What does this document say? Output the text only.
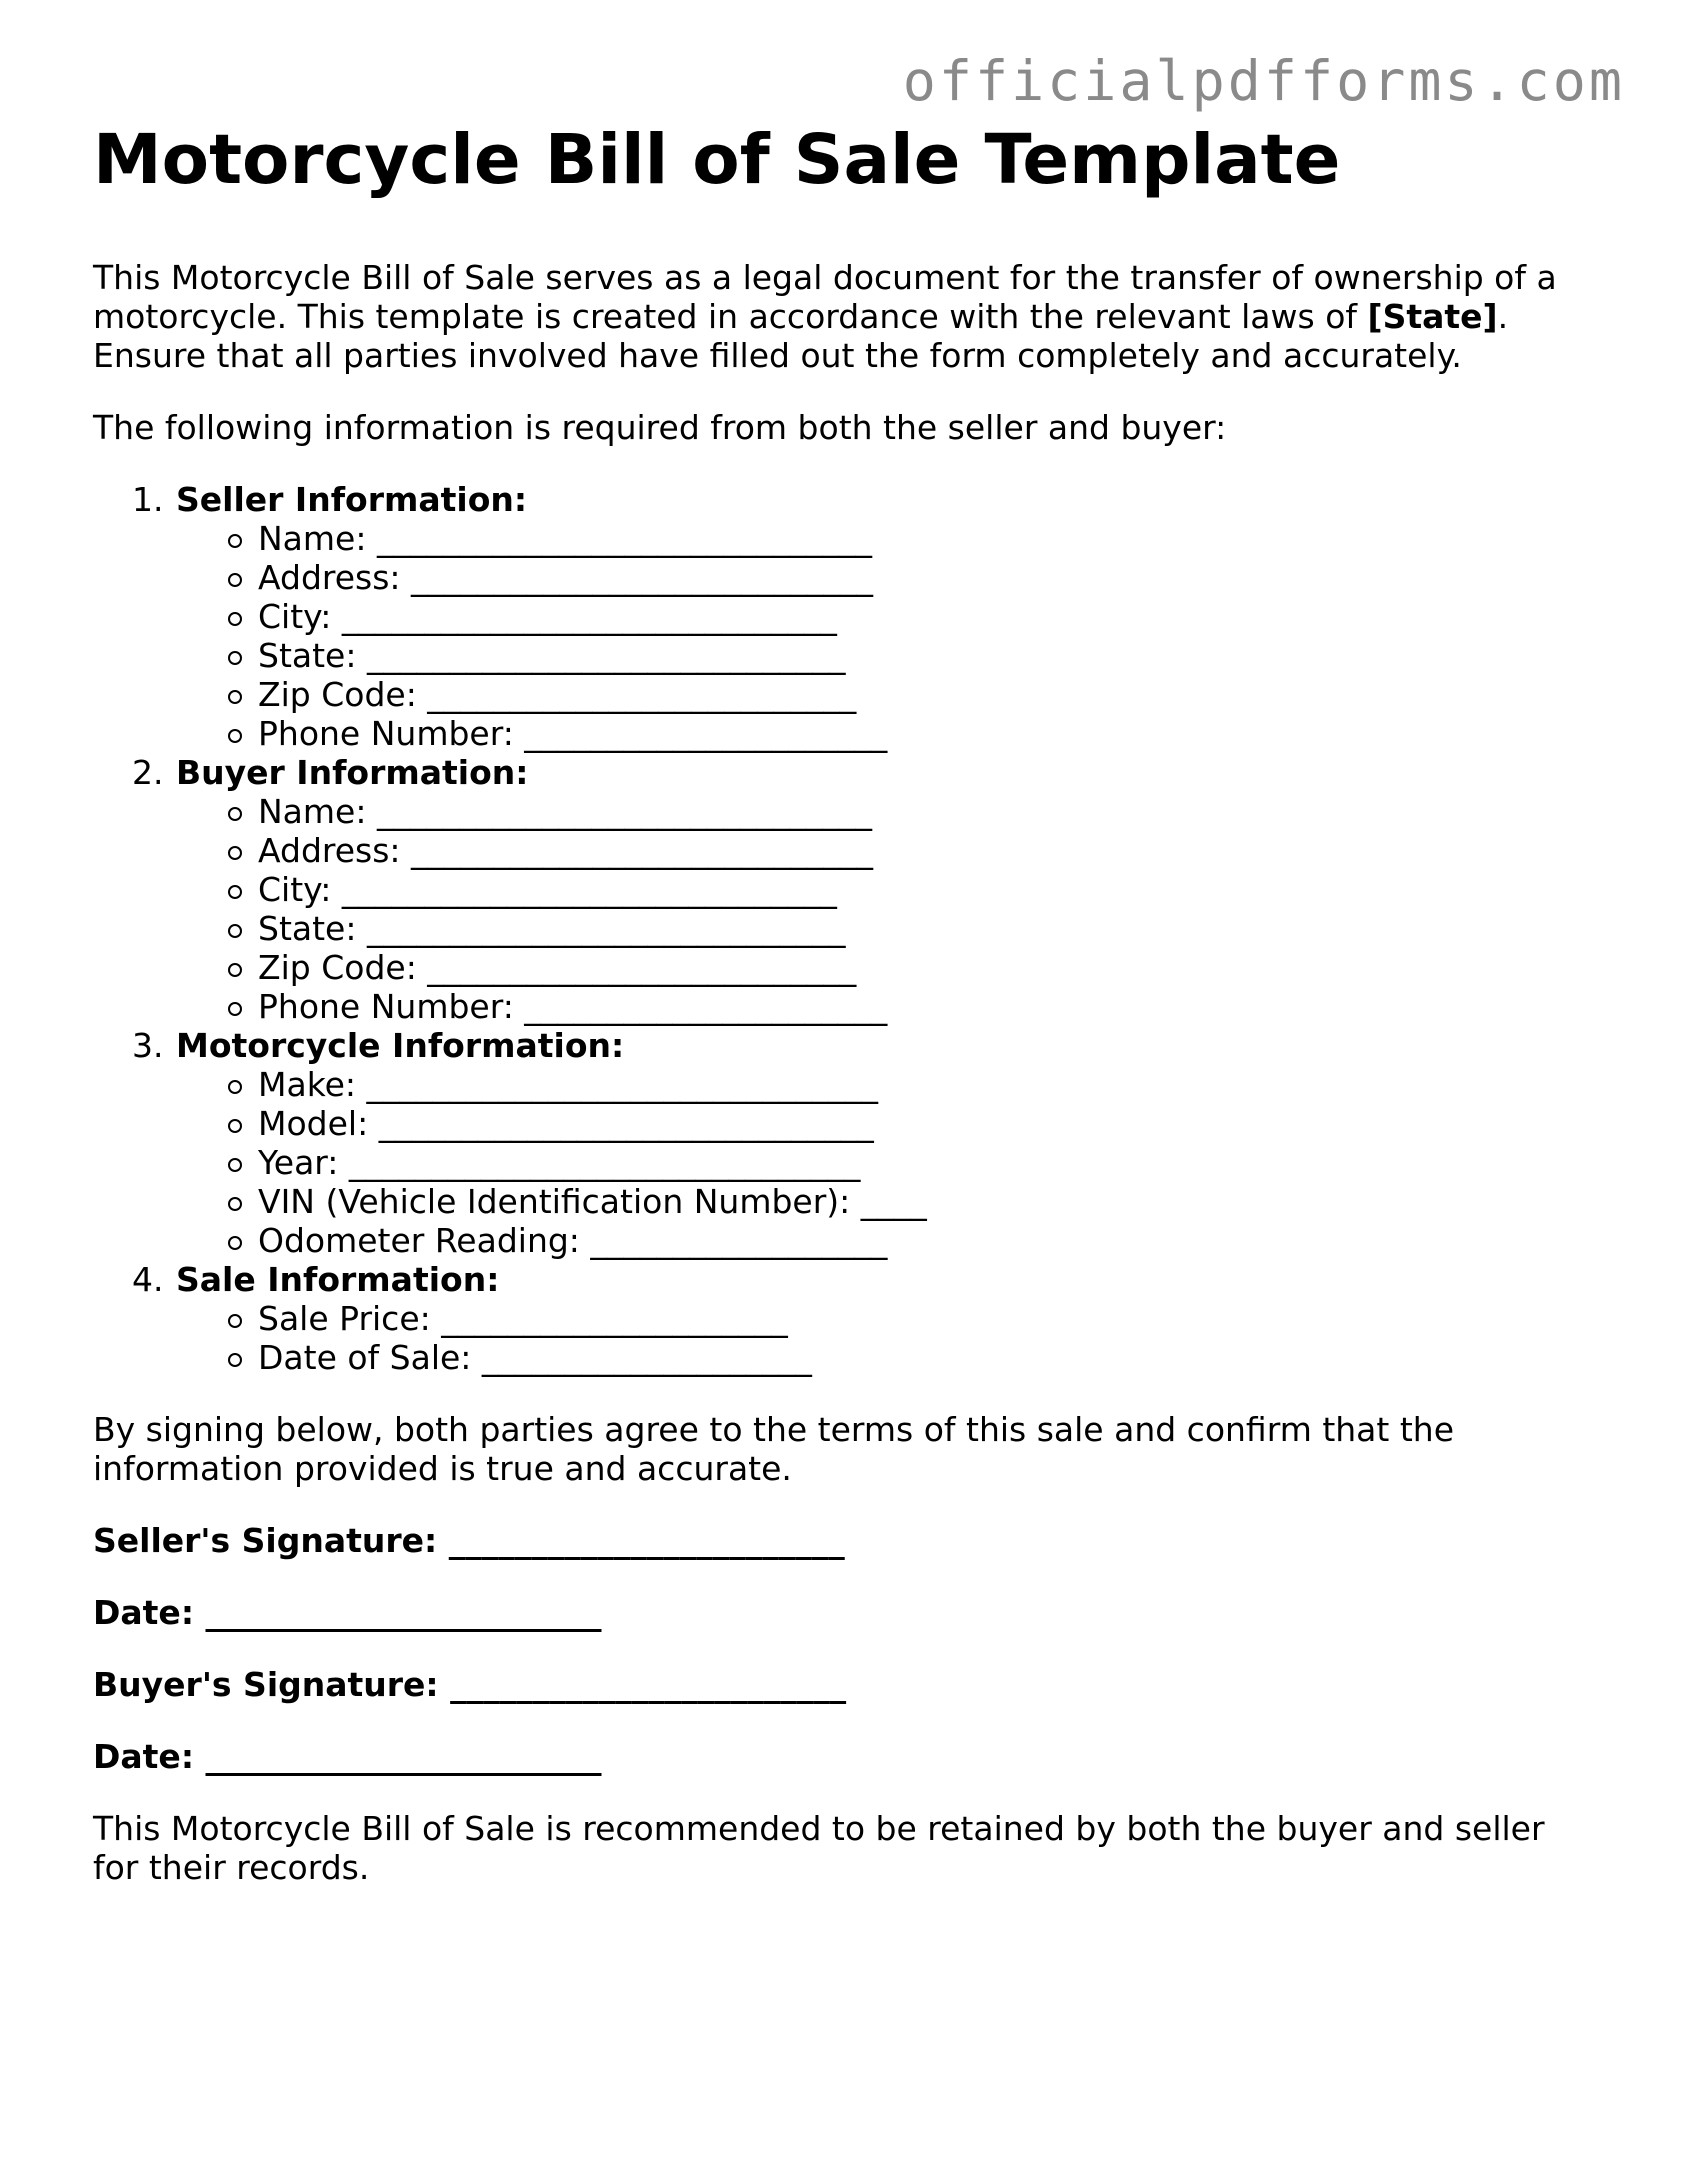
officialpdfforms.com
Motorcycle Bill of Sale Template

This Motorcycle Bill of Sale serves as a legal document for the transfer of ownership of a motorcycle. This template is created in accordance with the relevant laws of [State]. Ensure that all parties involved have filled out the form completely and accurately.

The following information is required from both the seller and buyer:

1. Seller Information:
Name: ______________________________
Address: ____________________________
City: ______________________________
State: _____________________________
Zip Code: __________________________
Phone Number: ______________________
2. Buyer Information:
Name: ______________________________
Address: ____________________________
City: ______________________________
State: _____________________________
Zip Code: __________________________
Phone Number: ______________________
3. Motorcycle Information:
Make: _______________________________
Model: ______________________________
Year: _______________________________
VIN (Vehicle Identification Number): ____
Odometer Reading: __________________
4. Sale Information:
Sale Price: _____________________
Date of Sale: ____________________

By signing below, both parties agree to the terms of this sale and confirm that the information provided is true and accurate.

Seller's Signature: ________________________

Date: ________________________

Buyer's Signature: ________________________

Date: ________________________

This Motorcycle Bill of Sale is recommended to be retained by both the buyer and seller for their records.
